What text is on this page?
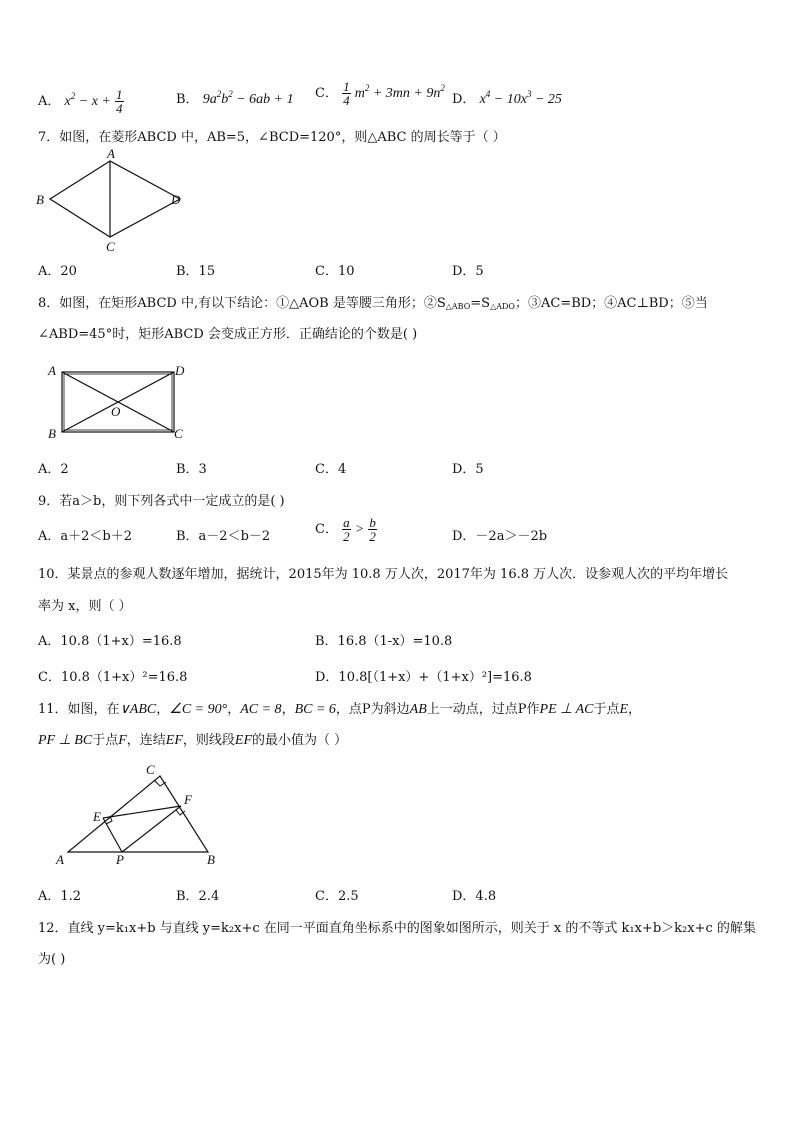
A． $x^2 - x + \frac{1}{4}$	B． $9a^2b^2 - 6ab + 1$ C． $\frac{1}{4} m^2 + 3mn + 9n^2$
D． $x^4 - 10x^3 - 25$
7．如图，在菱形ABCD 中，AB=5，∠BCD=120°，则△ABC 的周长等于（ ）
A
B
C
D
A．20	B．15	C．10	D．5
8．如图，在矩形ABCD 中,有以下结论：①△AOB 是等腰三角形；$②S_{\triangle ABO}=S_{\triangle ADO}$；③AC=BD；④AC⊥BD；⑤当
∠ABD=45°时，矩形ABCD 会变成正方形．正确结论的个数是( )
A	D
B	C
O
A．2	B．3	C．4	D．5
9．若a＞b，则下列各式中一定成立的是( )
A．a＋2＜b＋2	B．a－2＜b－2	C． $\frac{a}{2} > \frac{b}{2}$	D．－2a＞－2b
10．某景点的参观人数逐年增加，据统计，2015年为 10.8 万人次，2017年为 16.8 万人次．设参观人次的平均年增长
率为 x，则（ ）
A．10.8（1+x）=16.8	B．16.8（1-x）=10.8
C．10.8（1+x）²=16.8	D．10.8[（1+x）+（1+x）²]=16.8
11．如图，在∨ABC，∠C = 90°，AC = 8，BC = 6，点P为斜边AB上一动点，过点P作PE ⊥ AC于点E，
PF ⊥ BC于点F，连结EF，则线段EF的最小值为（ ）
C
F
E
A	P	B
A．1.2	B．2.4	C．2.5	D．4.8
12．直线 y=k₁x+b 与直线 y=k₂x+c 在同一平面直角坐标系中的图象如图所示，则关于 x 的不等式 k₁x+b＞k₂x+c 的解集
为( )
